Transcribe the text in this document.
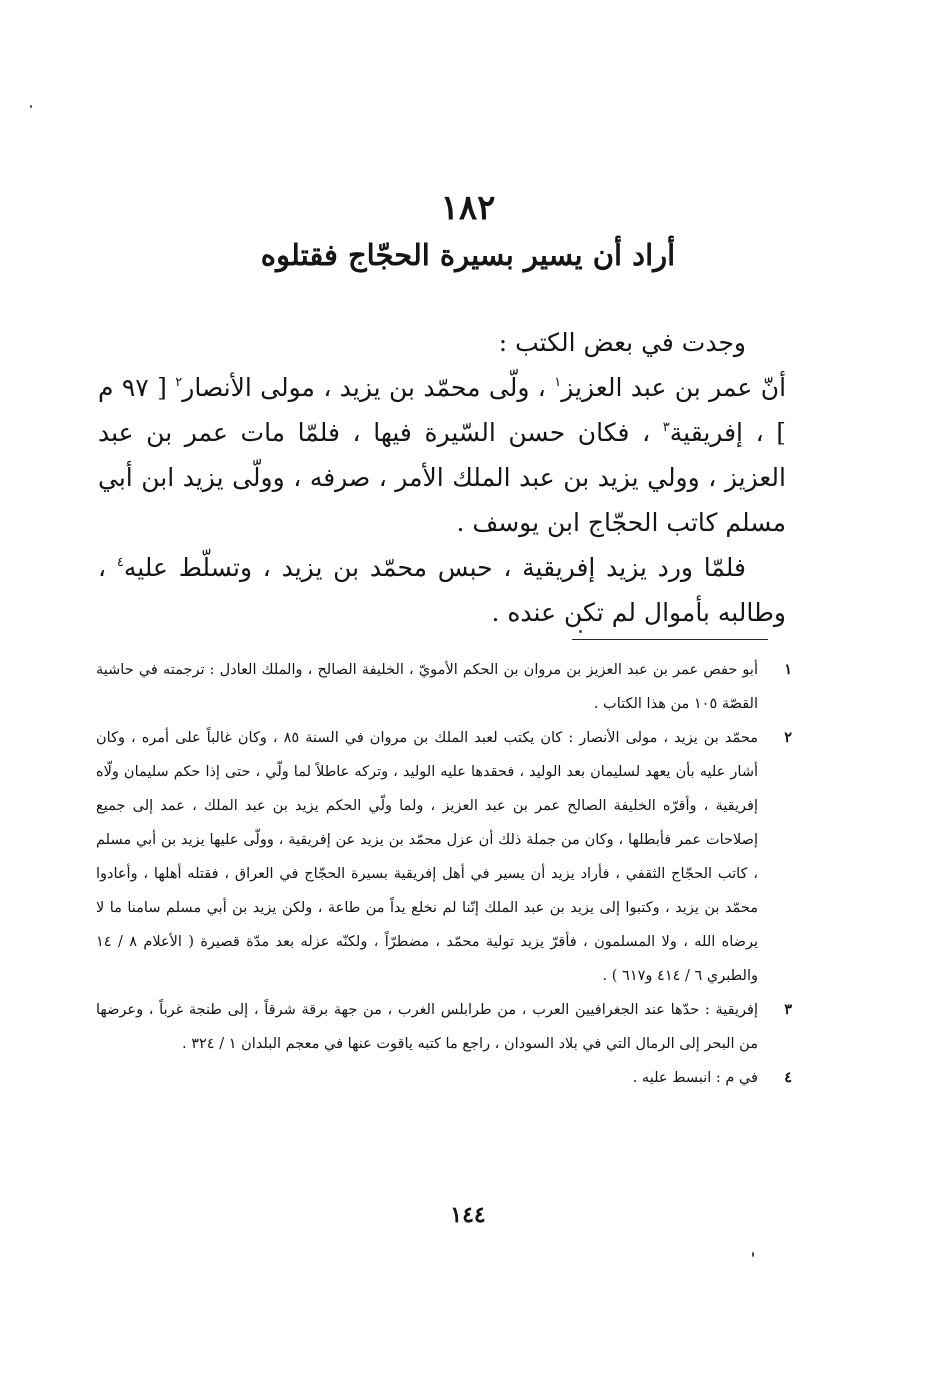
١٨٢
أراد أن يسير بسيرة الحجّاج فقتلوه

وجدت في بعض الكتب :

أنّ عمر بن عبد العزيز$^١$ ، ولّى محمّد بن يزيد ، مولى الأنصار$^٢$ [ ٩٧ م ] ، إفريقية$^٣$ ، فكان حسن السّيرة فيها ، فلمّا مات عمر بن عبد العزيز ، وولي يزيد بن عبد الملك الأمر ، صرفه ، وولّى يزيد ابن أبي مسلم كاتب الحجّاج ابن يوسف .

فلمّا ورد يزيد إفريقية ، حبس محمّد بن يزيد ، وتسلّط عليه$^٤$ ، وطالبه بأموال لم تكن عنده .

١
أبو حفص عمر بن عبد العزيز بن مروان بن الحكم الأمويّ ، الخليفة الصالح ، والملك العادل : ترجمته في حاشية القصّة ١٠٥ من هذا الكتاب .
٢
محمّد بن يزيد ، مولى الأنصار : كان يكتب لعبد الملك بن مروان في السنة ٨٥ ، وكان غالباً على أمره ، وكان أشار عليه بأن يعهد لسليمان بعد الوليد ، فحقدها عليه الوليد ، وتركه عاطلاً لما ولّي ، حتى إذا حكم سليمان ولّاه إفريقية ، وأقرّه الخليفة الصالح عمر بن عبد العزيز ، ولما ولّي الحكم يزيد بن عبد الملك ، عمد إلى جميع إصلاحات عمر فأبطلها ، وكان من جملة ذلك أن عزل محمّد بن يزيد عن إفريقية ، وولّى عليها يزيد بن أبي مسلم ، كاتب الحجّاج الثقفي ، فأراد يزيد أن يسير في أهل إفريقية بسيرة الحجّاج في العراق ، فقتله أهلها ، وأعادوا محمّد بن يزيد ، وكتبوا إلى يزيد بن عبد الملك إنّنا لم نخلع يداً من طاعة ، ولكن يزيد بن أبي مسلم سامنا ما لا يرضاه الله ، ولا المسلمون ، فأقرّ يزيد تولية محمّد ، مضطرّاً ، ولكنّه عزله بعد مدّة قصيرة ( الأعلام ٨ / ١٤ والطبري ٦ / ٤١٤ و٦١٧ ) .
٣
إفريقية : حدّها عند الجغرافيين العرب ، من طرابلس الغرب ، من جهة برقة شرقاً ، إلى طنجة غرباً ، وعرضها من البحر إلى الرمال التي في بلاد السودان ، راجع ما كتبه ياقوت عنها في معجم البلدان ١ / ٣٢٤ .
٤
في م : انبسط عليه .
١٤٤
